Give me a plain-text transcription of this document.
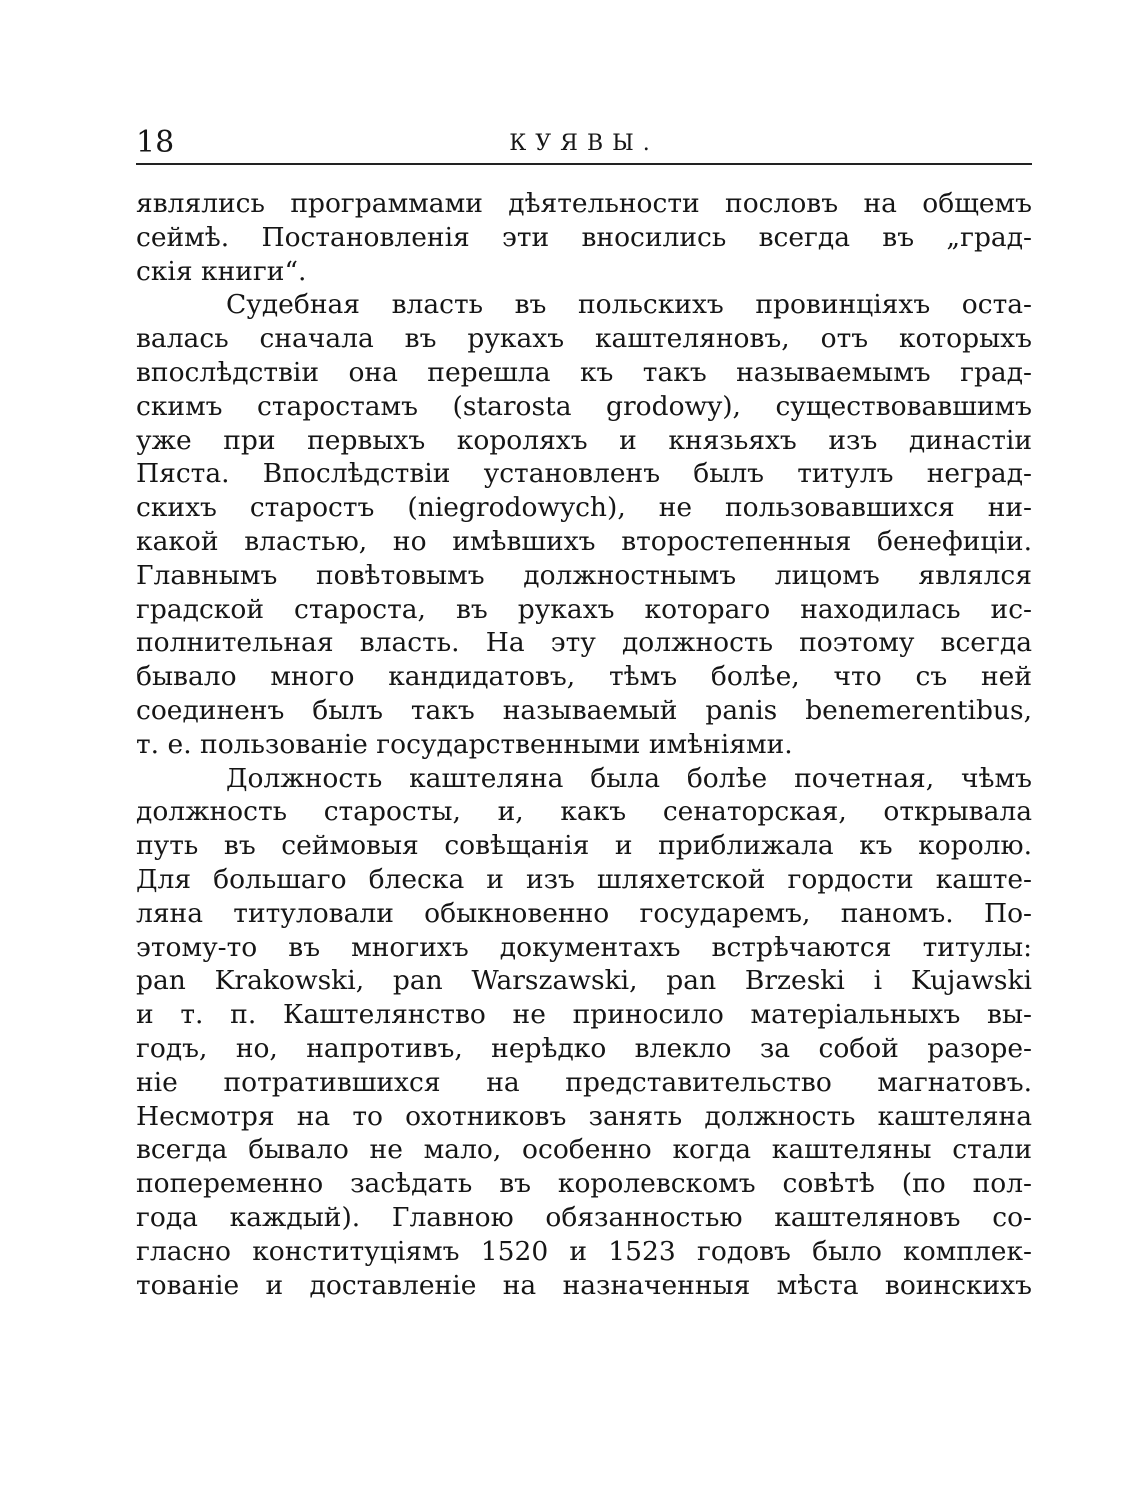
18	КУЯВЫ.
являлись программами дѣятельности пословъ на общемъ
сеймѣ. Постановленія эти вносились всегда въ „град-
скія книги“.
Судебная власть въ польскихъ провинціяхъ оста-
валась сначала въ рукахъ каштеляновъ, отъ которыхъ
впослѣдствіи она перешла къ такъ называемымъ град-
скимъ старостамъ (starosta grodowy), существовавшимъ
уже при первыхъ короляхъ и князьяхъ изъ династіи
Пяста. Впослѣдствіи установленъ былъ титулъ неград-
скихъ старостъ (niegrodowych), не пользовавшихся ни-
какой властью, но имѣвшихъ второстепенныя бенефиціи.
Главнымъ повѣтовымъ должностнымъ лицомъ являлся
градской староста, въ рукахъ котораго находилась ис-
полнительная власть. На эту должность поэтому всегда
бывало много кандидатовъ, тѣмъ болѣе, что съ ней
соединенъ былъ такъ называемый panis benemerentibus,
т. е. пользованіе государственными имѣніями.
Должность каштеляна была болѣе почетная, чѣмъ
должность старосты, и, какъ сенаторская, открывала
путь въ сеймовыя совѣщанія и приближала къ королю.
Для большаго блеска и изъ шляхетской гордости каште-
ляна титуловали обыкновенно государемъ, паномъ. По-
этому-то въ многихъ документахъ встрѣчаются титулы:
pan Krakowski, pan Warszawski, pan Brzeski i Kujawski
и т. п. Каштелянство не приносило матеріальныхъ вы-
годъ, но, напротивъ, нерѣдко влекло за собой разоре-
ніе потратившихся на представительство магнатовъ.
Несмотря на то охотниковъ занять должность каштеляна
всегда бывало не мало, особенно когда каштеляны стали
попеременно засѣдать въ королевскомъ совѣтѣ (по пол-
года каждый). Главною обязанностью каштеляновъ со-
гласно конституціямъ 1520 и 1523 годовъ было комплек-
тованіе и доставленіе на назначенныя мѣста воинскихъ
